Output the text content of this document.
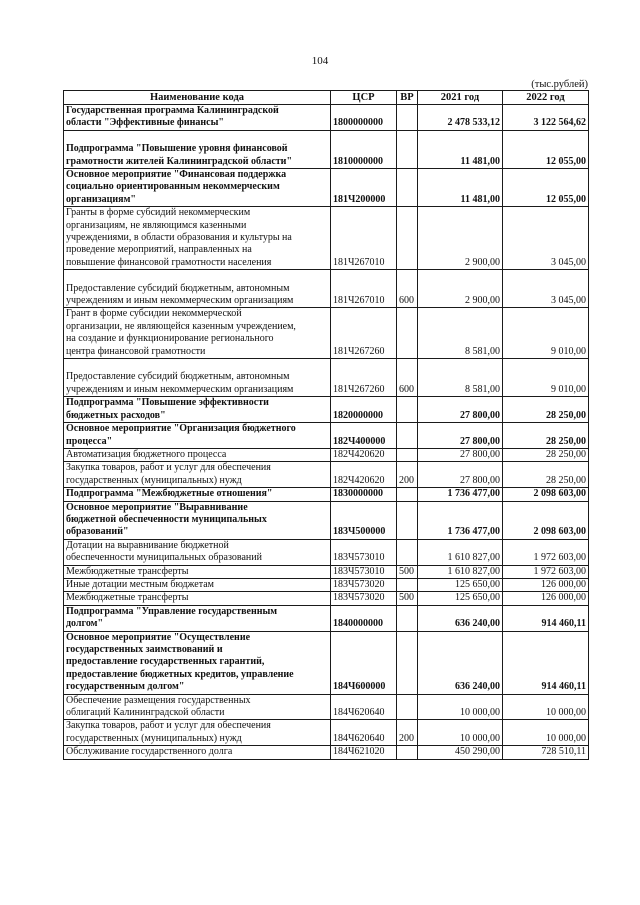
104
(тыс.рублей)
Наименование кода	ЦСР	ВР	2021 год	2022 год

Государственная программа Калининградской
области "Эффективные финансы"	1800000000		2 478 533,12	3 122 564,62

Подпрограмма "Повышение уровня финансовой
грамотности жителей Калининградской области"	1810000000		11 481,00	12 055,00

Основное мероприятие "Финансовая поддержка
социально ориентированным некоммерческим
организациям"	181Ч200000		11 481,00	12 055,00

Гранты в форме субсидий некоммерческим
организациям, не являющимся казенными
учреждениями, в области образования и культуры на
проведение мероприятий, направленных на
повышение финансовой грамотности населения	181Ч267010		2 900,00	3 045,00

Предоставление субсидий бюджетным, автономным
учреждениям и иным некоммерческим организациям	181Ч267010	600	2 900,00	3 045,00

Грант в форме субсидии некоммерческой
организации, не являющейся казенным учреждением,
на создание и функционирование регионального
центра финансовой грамотности	181Ч267260		8 581,00	9 010,00

Предоставление субсидий бюджетным, автономным
учреждениям и иным некоммерческим организациям	181Ч267260	600	8 581,00	9 010,00

Подпрограмма "Повышение эффективности
бюджетных расходов"	1820000000		27 800,00	28 250,00

Основное мероприятие "Организация бюджетного
процесса"	182Ч400000		27 800,00	28 250,00

Автоматизация бюджетного процесса	182Ч420620		27 800,00	28 250,00

Закупка товаров, работ и услуг для обеспечения
государственных (муниципальных) нужд	182Ч420620	200	27 800,00	28 250,00

Подпрограмма "Межбюджетные отношения"	1830000000		1 736 477,00	2 098 603,00

Основное мероприятие "Выравнивание
бюджетной обеспеченности муниципальных
образований"	183Ч500000		1 736 477,00	2 098 603,00

Дотации на выравнивание бюджетной
обеспеченности муниципальных образований	183Ч573010		1 610 827,00	1 972 603,00

Межбюджетные трансферты	183Ч573010	500	1 610 827,00	1 972 603,00

Иные дотации местным бюджетам	183Ч573020		125 650,00	126 000,00

Межбюджетные трансферты	183Ч573020	500	125 650,00	126 000,00

Подпрограмма "Управление государственным
долгом"	1840000000		636 240,00	914 460,11

Основное мероприятие "Осуществление
государственных заимствований и
предоставление государственных гарантий,
предоставление бюджетных кредитов, управление
государственным долгом"	184Ч600000		636 240,00	914 460,11

Обеспечение размещения государственных
облигаций Калининградской области	184Ч620640		10 000,00	10 000,00

Закупка товаров, работ и услуг для обеспечения
государственных (муниципальных) нужд	184Ч620640	200	10 000,00	10 000,00

Обслуживание государственного долга	184Ч621020		450 290,00	728 510,11
